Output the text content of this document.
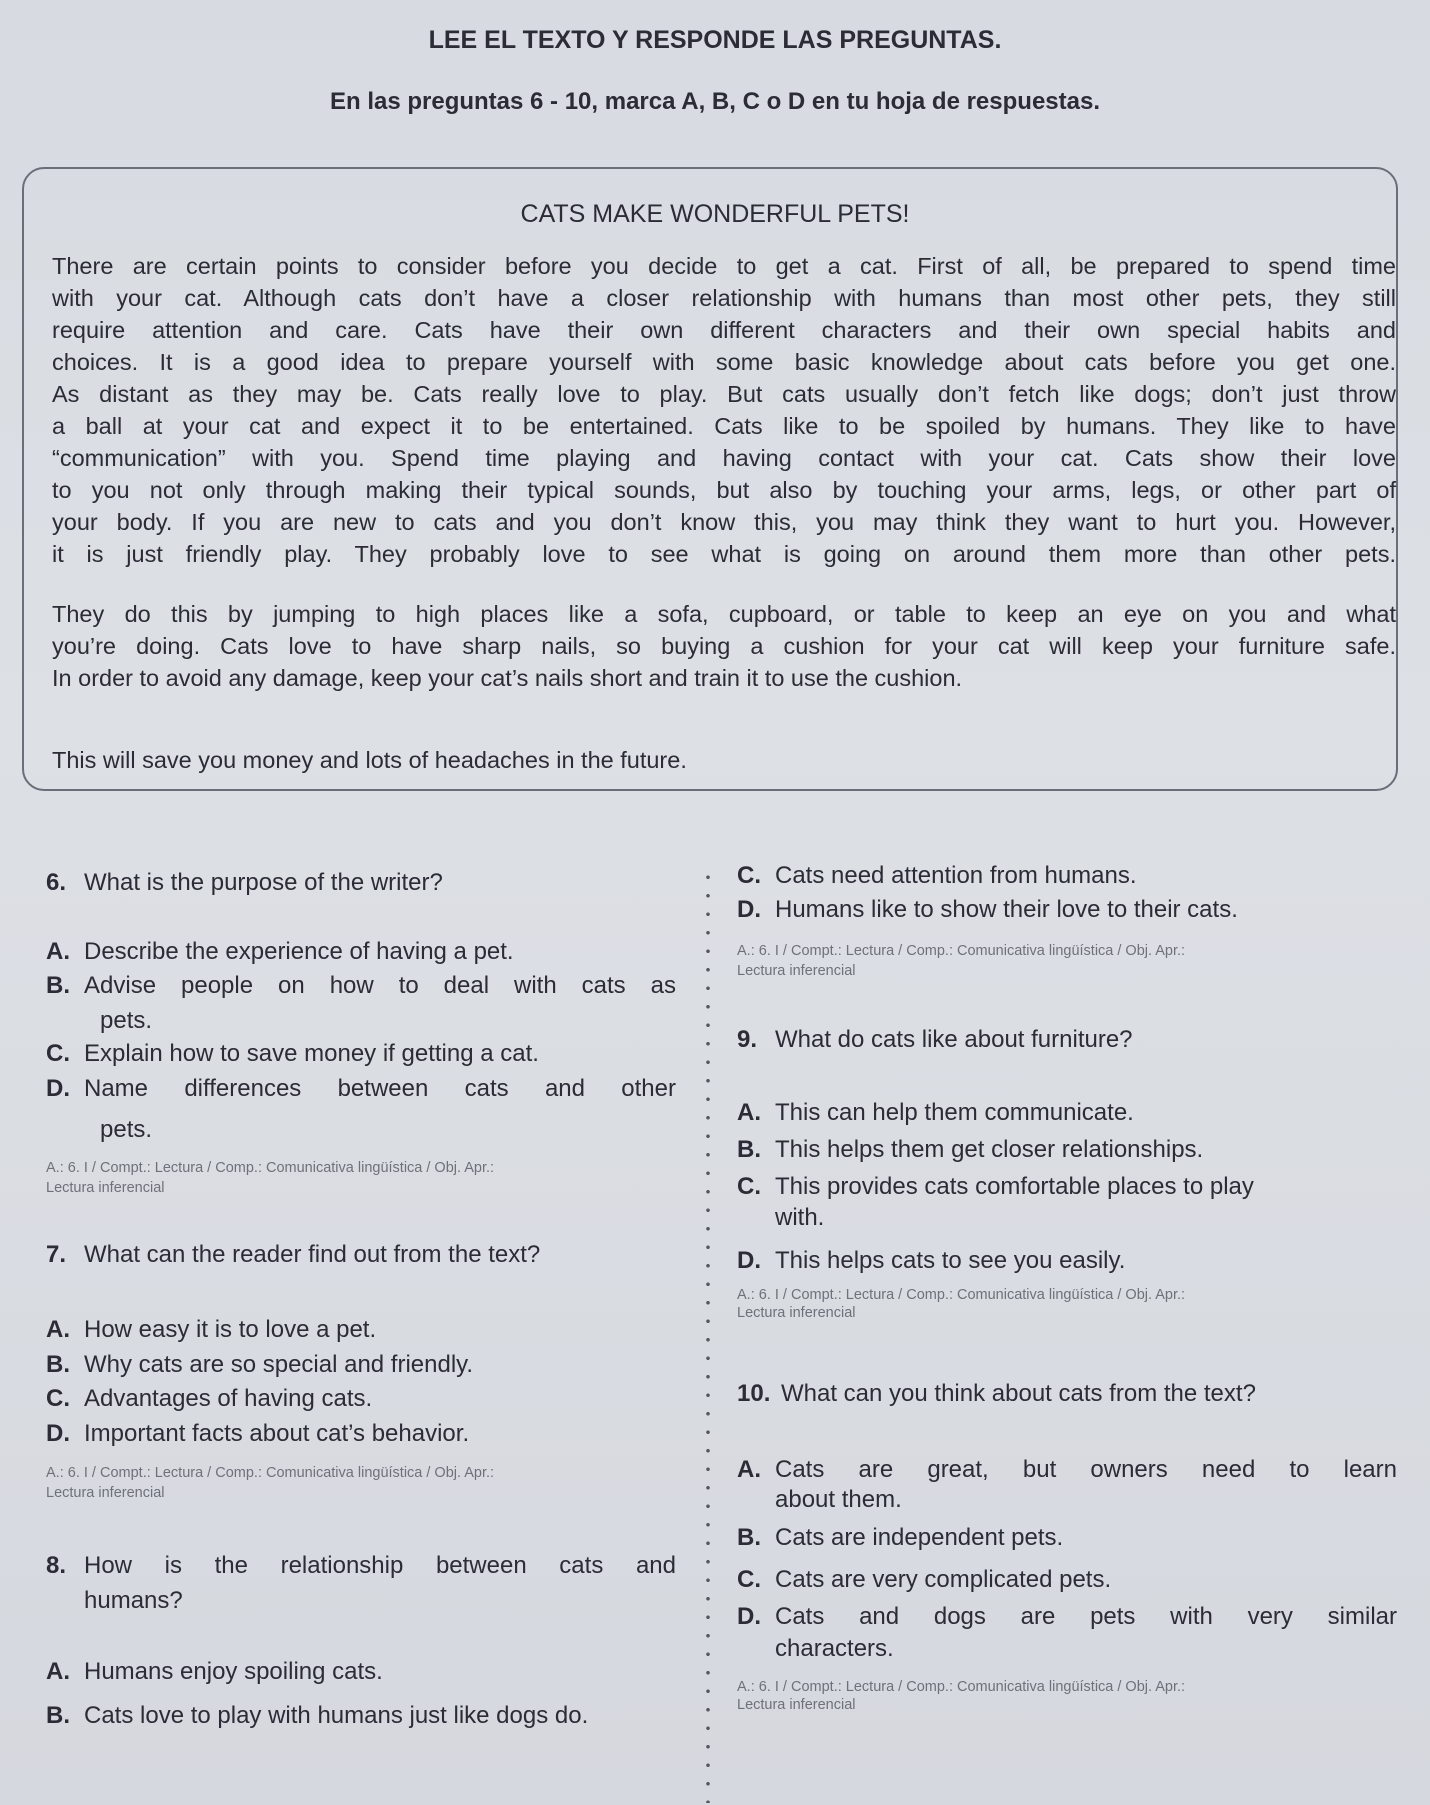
LEE EL TEXTO Y RESPONDE LAS PREGUNTAS.
En las preguntas 6 - 10, marca A, B, C o D en tu hoja de respuestas.
CATS MAKE WONDERFUL PETS!
There are certain points to consider before you decide to get a cat. First of all, be prepared to spend time
with your cat. Although cats don’t have a closer relationship with humans than most other pets, they still
require attention and care. Cats have their own different characters and their own special habits and
choices. It is a good idea to prepare yourself with some basic knowledge about cats before you get one.
As distant as they may be. Cats really love to play. But cats usually don’t fetch like dogs; don’t just throw
a ball at your cat and expect it to be entertained. Cats like to be spoiled by humans. They like to have
“communication” with you. Spend time playing and having contact with your cat. Cats show their love
to you not only through making their typical sounds, but also by touching your arms, legs, or other part of
your body. If you are new to cats and you don’t know this, you may think they want to hurt you. However,
it is just friendly play. They probably love to see what is going on around them more than other pets.
They do this by jumping to high places like a sofa, cupboard, or table to keep an eye on you and what
you’re doing. Cats love to have sharp nails, so buying a cushion for your cat will keep your furniture safe.
In order to avoid any damage, keep your cat’s nails short and train it to use the cushion.
This will save you money and lots of headaches in the future.
6. What is the purpose of the writer?
A. Describe the experience of having a pet.
B. Advise people on how to deal with cats as
pets.
C. Explain how to save money if getting a cat.
D. Name differences between cats and other
pets.
A.: 6. I / Compt.: Lectura / Comp.: Comunicativa lingüística / Obj. Apr.:
Lectura inferencial
7. What can the reader find out from the text?
A. How easy it is to love a pet.
B. Why cats are so special and friendly.
C. Advantages of having cats.
D. Important facts about cat’s behavior.
A.: 6. I / Compt.: Lectura / Comp.: Comunicativa lingüística / Obj. Apr.:
Lectura inferencial
8. How is the relationship between cats and
humans?
A. Humans enjoy spoiling cats.
B. Cats love to play with humans just like dogs do.
C. Cats need attention from humans.
D. Humans like to show their love to their cats.
A.: 6. I / Compt.: Lectura / Comp.: Comunicativa lingüística / Obj. Apr.:
Lectura inferencial
9. What do cats like about furniture?
A. This can help them communicate.
B. This helps them get closer relationships.
C. This provides cats comfortable places to play
with.
D. This helps cats to see you easily.
A.: 6. I / Compt.: Lectura / Comp.: Comunicativa lingüística / Obj. Apr.:
Lectura inferencial
10. What can you think about cats from the text?
A. Cats are great, but owners need to learn
about them.
B. Cats are independent pets.
C. Cats are very complicated pets.
D. Cats and dogs are pets with very similar
characters.
A.: 6. I / Compt.: Lectura / Comp.: Comunicativa lingüística / Obj. Apr.:
Lectura inferencial
